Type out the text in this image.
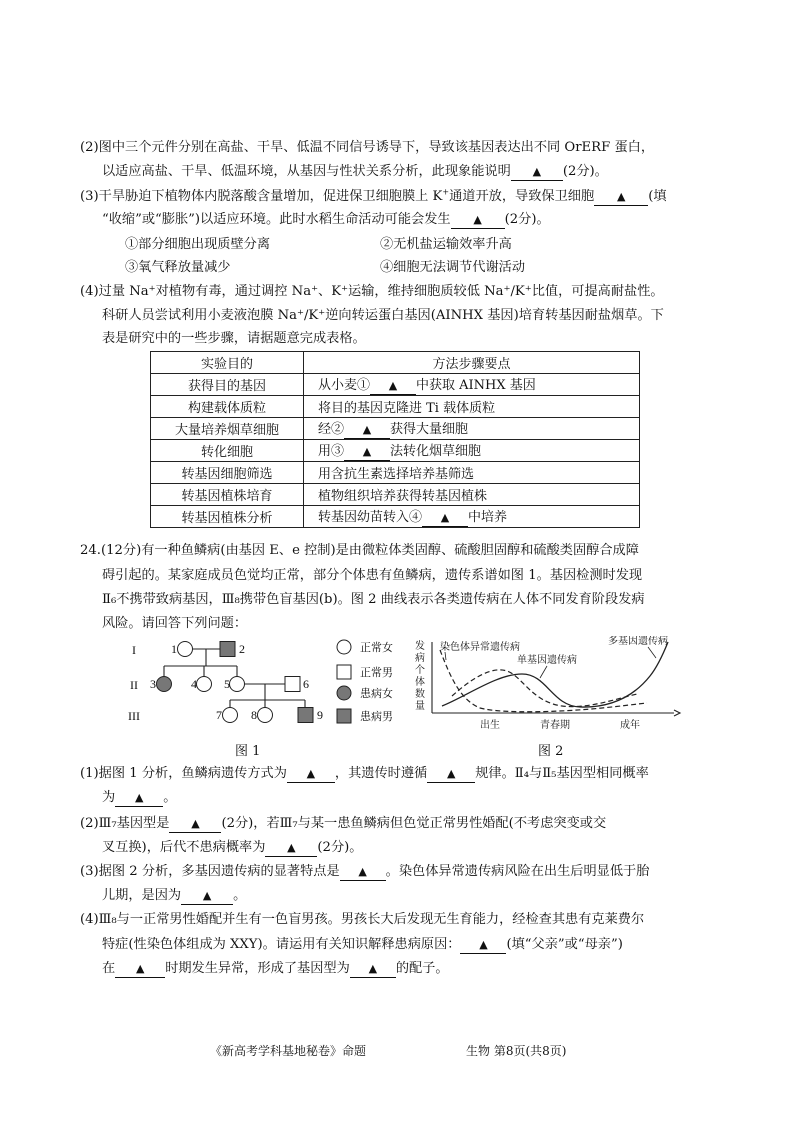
(2)图中三个元件分别在高盐、干旱、低温不同信号诱导下，导致该基因表达出不同 OrERF 蛋白，
以适应高盐、干旱、低温环境，从基因与性状关系分析，此现象能说明 ▲ (2分)。
(3)干旱胁迫下植物体内脱落酸含量增加，促进保卫细胞膜上 K+通道开放，导致保卫细胞 ▲ (填
“收缩”或“膨胀”)以适应环境。此时水稻生命活动可能会发生 ▲ (2分)。
①部分细胞出现质壁分离	②无机盐运输效率升高
③氧气释放量减少	④细胞无法调节代谢活动
(4)过量 Na⁺对植物有毒，通过调控 Na⁺、K⁺运输，维持细胞质较低 Na⁺/K⁺比值，可提高耐盐性。
科研人员尝试利用小麦液泡膜 Na⁺/K⁺逆向转运蛋白基因(AINHX 基因)培育转基因耐盐烟草。下
表是研究中的一些步骤，请据题意完成表格。
实验目的	方法步骤要点
获得目的基因	从小麦① ▲ 中获取 AINHX 基因
构建载体质粒	将目的基因克隆进 Ti 载体质粒
大量培养烟草细胞	经② ▲ 获得大量细胞
转化细胞	用③ ▲ 法转化烟草细胞
转基因细胞筛选	用含抗生素选择培养基筛选
转基因植株培育	植物组织培养获得转基因植株
转基因植株分析	转基因幼苗转入④ ▲ 中培养
24.(12分)有一种鱼鳞病(由基因 E、e 控制)是由微粒体类固醇、硫酸胆固醇和硫酸类固醇合成障
碍引起的。某家庭成员色觉均正常，部分个体患有鱼鳞病，遗传系谱如图 1。基因检测时发现
Ⅱ₆不携带致病基因，Ⅲ₈携带色盲基因(b)。图 2 曲线表示各类遗传病在人体不同发育阶段发病
风险。请回答下列问题：
I
II
III
1	2
3	4 5	6
7 8	9
正常女
正常男
患病女
患病男
图 1
发
病
个
体
数
量
染色体异常遗传病
单基因遗传病
多基因遗传病
出生	青春期	成年
图 2
(1)据图 1 分析，鱼鳞病遗传方式为 ▲ ，其遗传时遵循 ▲ 规律。Ⅱ₄与Ⅱ₅基因型相同概率
为 ▲ 。
(2)Ⅲ₇基因型是 ▲ (2分)，若Ⅲ₇与某一患鱼鳞病但色觉正常男性婚配(不考虑突变或交
叉互换)，后代不患病概率为 ▲ (2分)。
(3)据图 2 分析，多基因遗传病的显著特点是 ▲ 。染色体异常遗传病风险在出生后明显低于胎
儿期，是因为 ▲ 。
(4)Ⅲ₈与一正常男性婚配并生有一色盲男孩。男孩长大后发现无生育能力，经检查其患有克莱费尔
特症(性染色体组成为 XXY)。请运用有关知识解释患病原因： ▲ (填“父亲”或“母亲”)
在 ▲ 时期发生异常，形成了基因型为 ▲ 的配子。
《新高考学科基地秘卷》命题	生物 第8页(共8页)
